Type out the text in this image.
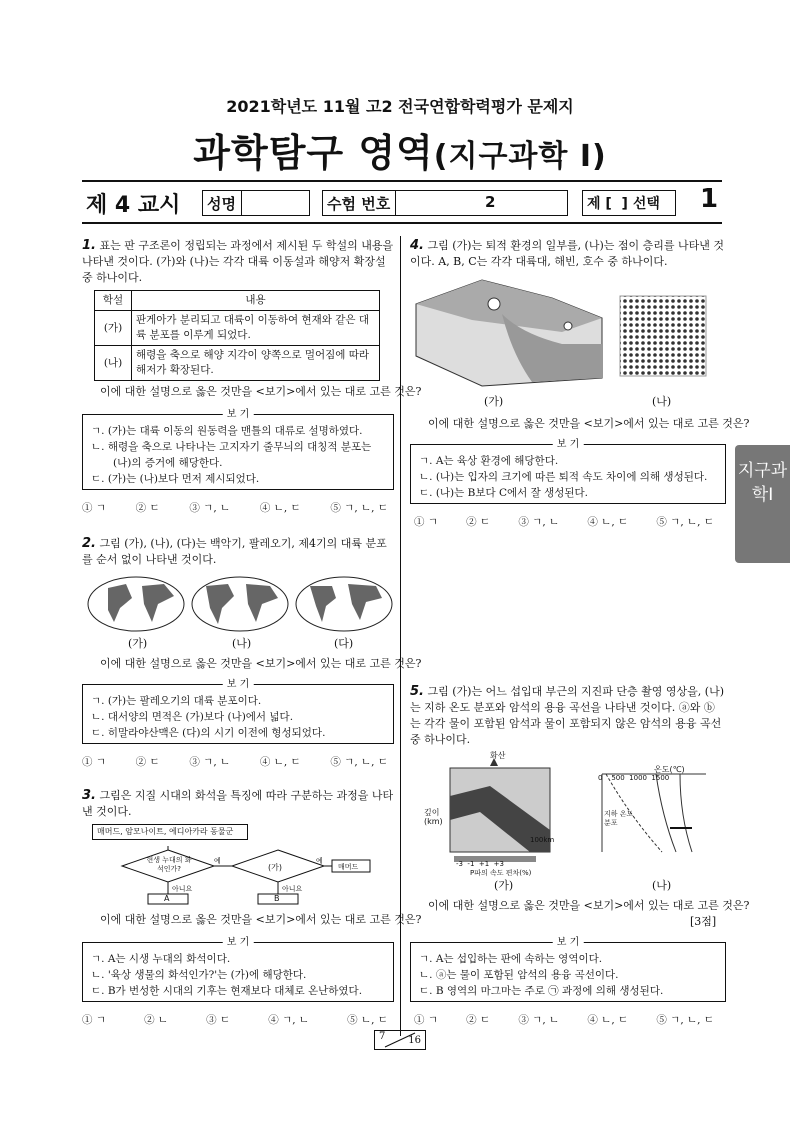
2021학년도 11월 고2 전국연합학력평가 문제지
과학탐구 영역(지구과학 Ⅰ)
제 4 교시 성명	수험 번호	2	제 [  ] 선택 1
지구과학Ⅰ
1. 표는 판 구조론이 정립되는 과정에서 제시된 두 학설의 내용을 나타낸 것이다. (가)와 (나)는 각각 대륙 이동설과 해양저 확장설 중 하나이다.
학설	내용
(가)	판게아가 분리되고 대륙이 이동하여 현재와 같은 대륙 분포를 이루게 되었다.
(나)	해령을 축으로 해양 지각이 양쪽으로 멀어짐에 따라 해저가 확장된다.
이에 대한 설명으로 옳은 것만을 <보기>에서 있는 대로 고른 것은?
보 기
ㄱ. (가)는 대륙 이동의 원동력을 맨틀의 대류로 설명하였다.
ㄴ. 해령을 축으로 나타나는 고지자기 줄무늬의 대칭적 분포는
(나)의 증거에 해당한다.
ㄷ. (가)는 (나)보다 먼저 제시되었다.
① ㄱ	② ㄷ	③ ㄱ, ㄴ	④ ㄴ, ㄷ	⑤ ㄱ, ㄴ, ㄷ
2. 그림 (가), (나), (다)는 백악기, 팔레오기, 제4기의 대륙 분포를 순서 없이 나타낸 것이다.
(가)	(나)	(다)
이에 대한 설명으로 옳은 것만을 <보기>에서 있는 대로 고른 것은?
보 기
ㄱ. (가)는 팔레오기의 대륙 분포이다.
ㄴ. 대서양의 면적은 (가)보다 (나)에서 넓다.
ㄷ. 히말라야산맥은 (다)의 시기 이전에 형성되었다.
① ㄱ	② ㄷ	③ ㄱ, ㄴ	④ ㄴ, ㄷ	⑤ ㄱ, ㄴ, ㄷ
3. 그림은 지질 시대의 화석을 특징에 따라 구분하는 과정을 나타낸 것이다.
매머드, 암모나이트, 에디아카라 동물군
현생 누대의 화석인가?	(가)
예	예
매머드
아니요	아니요
A	B
이에 대한 설명으로 옳은 것만을 <보기>에서 있는 대로 고른 것은?
보 기
ㄱ. A는 시생 누대의 화석이다.
ㄴ. '육상 생물의 화석인가?'는 (가)에 해당한다.
ㄷ. B가 번성한 시대의 기후는 현재보다 대체로 온난하였다.
① ㄱ	② ㄴ	③ ㄷ	④ ㄱ, ㄴ	⑤ ㄴ, ㄷ
4. 그림 (가)는 퇴적 환경의 일부를, (나)는 점이 층리를 나타낸 것이다. A, B, C는 각각 대륙대, 해빈, 호수 중 하나이다.
(가)	(나)
이에 대한 설명으로 옳은 것만을 <보기>에서 있는 대로 고른 것은?
보 기
ㄱ. A는 육상 환경에 해당한다.
ㄴ. (나)는 입자의 크기에 따른 퇴적 속도 차이에 의해 생성된다.
ㄷ. (나)는 B보다 C에서 잘 생성된다.
① ㄱ	② ㄷ	③ ㄱ, ㄴ	④ ㄴ, ㄷ	⑤ ㄱ, ㄴ, ㄷ
5. 그림 (가)는 어느 섭입대 부근의 지진파 단층 촬영 영상을, (나)는 지하 온도 분포와 암석의 용융 곡선을 나타낸 것이다. ⓐ와 ⓑ는 각각 물이 포함된 암석과 물이 포함되지 않은 암석의 용융 곡선 중 하나이다.
화산
깊이(km)
-3  -1  +1  +3
P파의 속도 편차(%)
100km
온도(℃)
0    500  1000  1500
지하 온도 분포
(가)	(나)
이에 대한 설명으로 옳은 것만을 <보기>에서 있는 대로 고른 것은?
[3점]
보 기
ㄱ. A는 섭입하는 판에 속하는 영역이다.
ㄴ. ⓐ는 물이 포함된 암석의 용융 곡선이다.
ㄷ. B 영역의 마그마는 주로 ㉠ 과정에 의해 생성된다.
① ㄱ	② ㄷ	③ ㄱ, ㄴ	④ ㄴ, ㄷ	⑤ ㄱ, ㄴ, ㄷ
7 16
